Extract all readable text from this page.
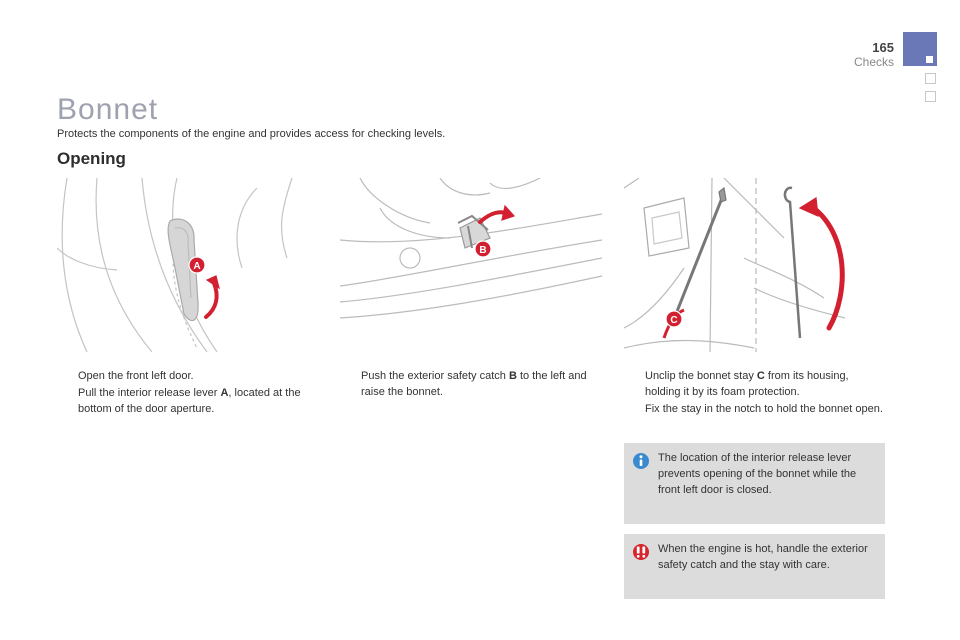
165
Checks
Bonnet
Protects the components of the engine and provides access for checking levels.
Opening
A
B
C
Open the front left door.
Pull the interior release lever A, located at the bottom of the door aperture.
Push the exterior safety catch B to the left and raise the bonnet.
Unclip the bonnet stay C from its housing, holding it by its foam protection.
Fix the stay in the notch to hold the bonnet open.
The location of the interior release lever prevents opening of the bonnet while the front left door is closed.
When the engine is hot, handle the exterior safety catch and the stay with care.
